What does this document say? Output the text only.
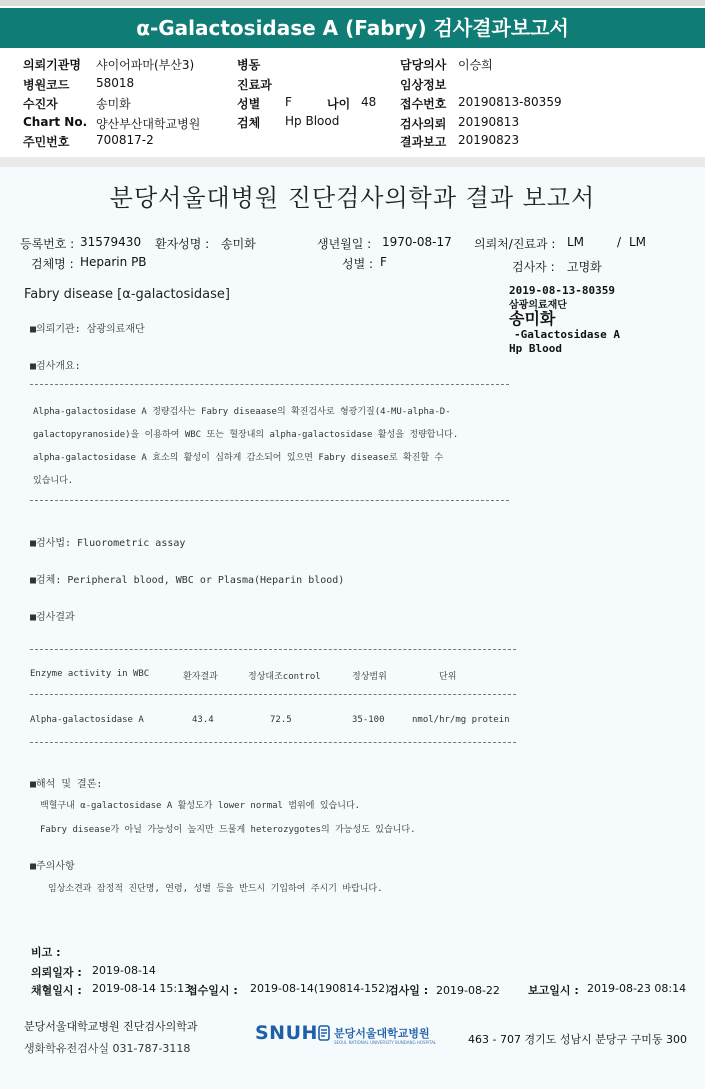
α-Galactosidase A (Fabry) 검사결과보고서
의뢰기관명 샤이어파마(부산3)	병동	담당의사 이승희
병원코드 58018	진료과	임상정보
수진자	송미화	성별 F	나이 48 접수번호 20190813-80359
Chart No. 양산부산대학교병원	검체 Hp Blood	검사의뢰 20190813
주민번호 700817-2	결과보고 20190823
분당서울대병원 진단검사의학과 결과 보고서
등록번호 : 31579430 환자성명 : 송미화	생년월일 : 1970-08-17 의뢰처/진료과 : LM	/ LM
검체명 : Heparin PB	성별 : F	검사자 : 고명화
Fabry disease [α-galactosidase]	2019-08-13-80359
삼광의료재단
송미화
-Galactosidase A
Hp Blood
■의뢰기관: 삼광의료재단
■검사개요:
Alpha-galactosidase A 정량검사는 Fabry diseaase의 확진검사로 형광기질(4-MU-alpha-D-
galactopyranoside)을 이용하여 WBC 또는 혈장내의 alpha-galactosidase 활성을 정량합니다.
alpha-galactosidase A 효소의 활성이 심하게 감소되어 있으면 Fabry disease로 확진할 수
있습니다.
■검사법: Fluorometric assay
■검체: Peripheral blood, WBC or Plasma(Heparin blood)
■검사결과
Enzyme activity in WBC	환자결과	정상대조control	정상범위	단위
Alpha-galactosidase A	43.4	72.5	35-100	nmol/hr/mg protein
■해석 및 결론:
백혈구내 α-galactosidase A 활성도가 lower normal 범위에 있습니다.
Fabry disease가 아닐 가능성이 높지만 드물게 heterozygotes의 가능성도 있습니다.
■주의사항
임상소견과 잠정적 진단명, 연령, 성별 등을 반드시 기입하여 주시기 바랍니다.
비고 :
의뢰일자 : 2019-08-14
채혈일시 : 2019-08-14 15:13
접수일시 : 2019-08-14(190814-152)
검사일 : 2019-08-22	보고일시 : 2019-08-23 08:14
분당서울대학교병원 진단검사의학과
생화학유전검사실 031-787-3118
SNUH 분당서울대학교병원
SEOUL NATIONAL UNIVERSITY BUNDANG HOSPITAL	463 - 707 경기도 성남시 분당구 구미동 300
